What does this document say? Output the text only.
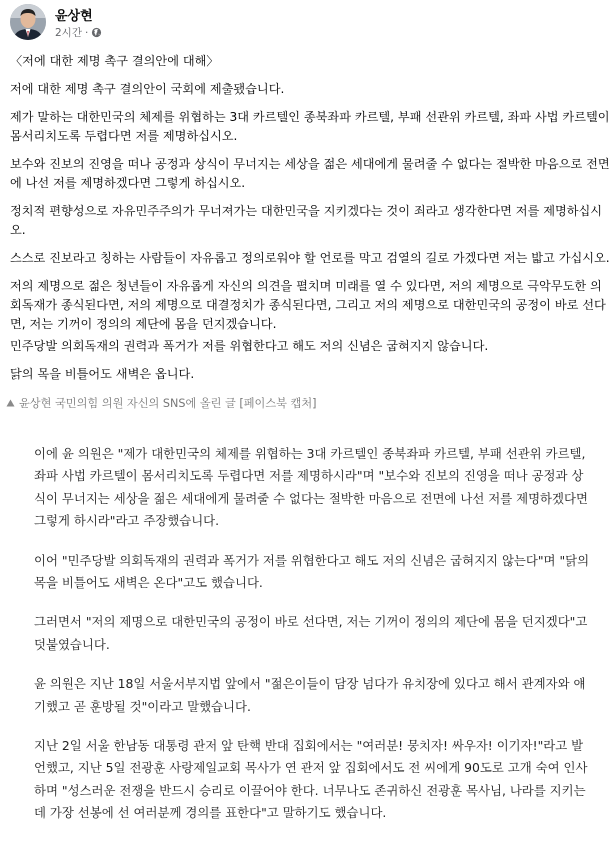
윤상현
2시간 ·

〈저에 대한 제명 촉구 결의안에 대해〉

저에 대한 제명 촉구 결의안이 국회에 제출됐습니다.

제가 말하는 대한민국의 체제를 위협하는 3대 카르텔인 종북좌파 카르텔, 부패 선관위 카르텔, 좌파 사법 카르텔이 몸서리치도록 두렵다면 저를 제명하십시오.

보수와 진보의 진영을 떠나 공정과 상식이 무너지는 세상을 젊은 세대에게 물려줄 수 없다는 절박한 마음으로 전면에 나선 저를 제명하겠다면 그렇게 하십시오.

정치적 편향성으로 자유민주주의가 무너져가는 대한민국을 지키겠다는 것이 죄라고 생각한다면 저를 제명하십시오.

스스로 진보라고 칭하는 사람들이 자유롭고 정의로워야 할 언로를 막고 검열의 길로 가겠다면 저는 밟고 가십시오.

저의 제명으로 젊은 청년들이 자유롭게 자신의 의견을 펼치며 미래를 열 수 있다면, 저의 제명으로 극악무도한 의회독재가 종식된다면, 저의 제명으로 대결정치가 종식된다면, 그리고 저의 제명으로 대한민국의 공정이 바로 선다면, 저는 기꺼이 정의의 제단에 몸을 던지겠습니다.

민주당발 의회독재의 권력과 폭거가 저를 위협한다고 해도 저의 신념은 굽혀지지 않습니다.

닭의 목을 비틀어도 새벽은 옵니다.

윤상현 국민의힘 의원 자신의 SNS에 올린 글 [페이스북 캡처]

이에 윤 의원은 "제가 대한민국의 체제를 위협하는 3대 카르텔인 종북좌파 카르텔, 부패 선관위 카르텔, 좌파 사법 카르텔이 몸서리치도록 두렵다면 저를 제명하시라"며 "보수와 진보의 진영을 떠나 공정과 상식이 무너지는 세상을 젊은 세대에게 물려줄 수 없다는 절박한 마음으로 전면에 나선 저를 제명하겠다면 그렇게 하시라"라고 주장했습니다.

이어 "민주당발 의회독재의 권력과 폭거가 저를 위협한다고 해도 저의 신념은 굽혀지지 않는다"며 "닭의 목을 비틀어도 새벽은 온다"고도 했습니다.

그러면서 "저의 제명으로 대한민국의 공정이 바로 선다면, 저는 기꺼이 정의의 제단에 몸을 던지겠다"고 덧붙였습니다.

윤 의원은 지난 18일 서울서부지법 앞에서 "젊은이들이 담장 넘다가 유치장에 있다고 해서 관계자와 얘기했고 곧 훈방될 것"이라고 말했습니다.

지난 2일 서울 한남동 대통령 관저 앞 탄핵 반대 집회에서는 "여러분! 뭉치자! 싸우자! 이기자!"라고 발언했고, 지난 5일 전광훈 사랑제일교회 목사가 연 관저 앞 집회에서도 전 씨에게 90도로 고개 숙여 인사하며 "성스러운 전쟁을 반드시 승리로 이끌어야 한다. 너무나도 존귀하신 전광훈 목사님, 나라를 지키는데 가장 선봉에 선 여러분께 경의를 표한다"고 말하기도 했습니다.
